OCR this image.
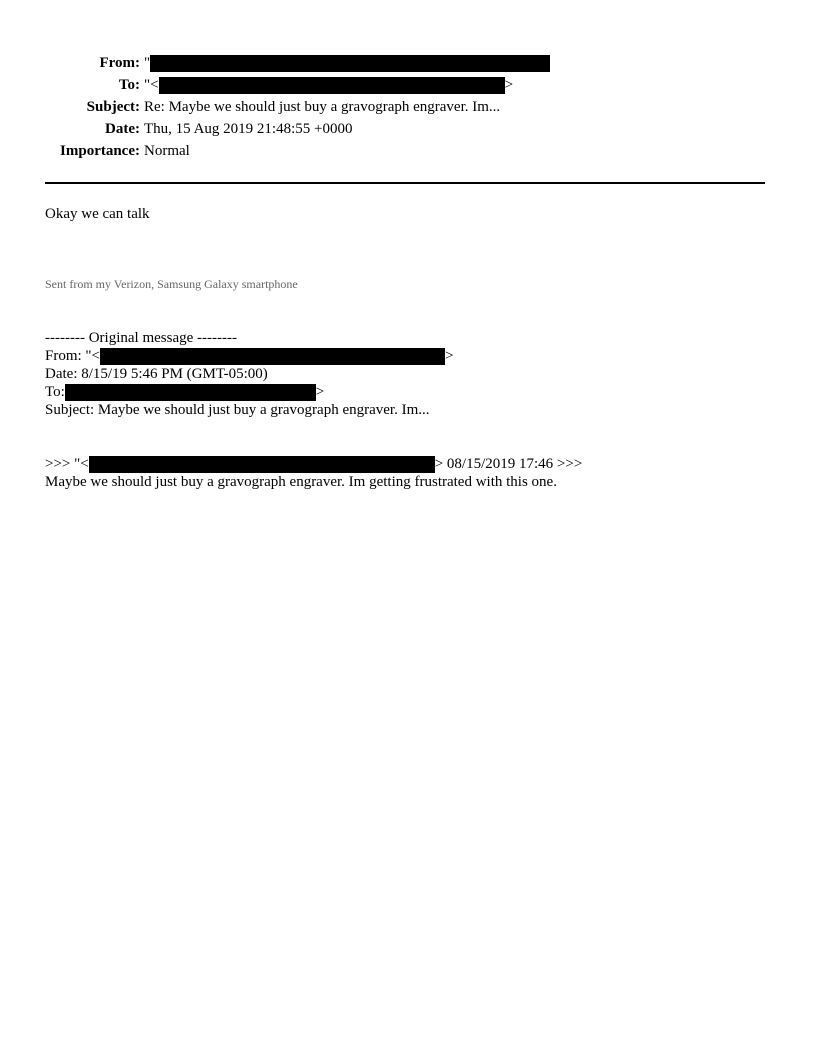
From: "
To: "<	>
Subject: Re: Maybe we should just buy a gravograph engraver. Im...
Date: Thu, 15 Aug 2019 21:48:55 +0000
Importance: Normal
Okay we can talk
Sent from my Verizon, Samsung Galaxy smartphone
-------- Original message --------
From: "<	>
Date: 8/15/19 5:46 PM (GMT-05:00)
To:	>
Subject: Maybe we should just buy a gravograph engraver. Im...
>>> "<	> 08/15/2019 17:46 >>>
Maybe we should just buy a gravograph engraver. Im getting frustrated with this one.
